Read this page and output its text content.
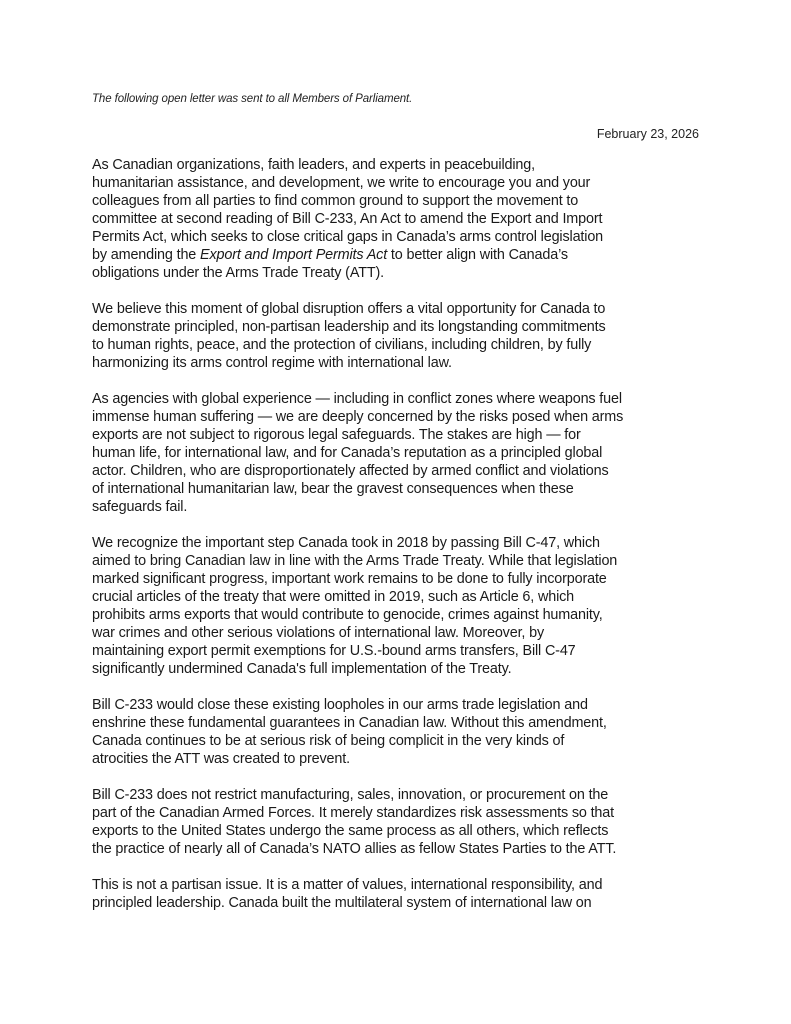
The following open letter was sent to all Members of Parliament.
February 23, 2026

As Canadian organizations, faith leaders, and experts in peacebuilding,
humanitarian assistance, and development, we write to encourage you and your
colleagues from all parties to find common ground to support the movement to
committee at second reading of Bill C-233, An Act to amend the Export and Import
Permits Act, which seeks to close critical gaps in Canada’s arms control legislation
by amending the Export and Import Permits Act to better align with Canada’s
obligations under the Arms Trade Treaty (ATT).

We believe this moment of global disruption offers a vital opportunity for Canada to
demonstrate principled, non-partisan leadership and its longstanding commitments
to human rights, peace, and the protection of civilians, including children, by fully
harmonizing its arms control regime with international law.

As agencies with global experience — including in conflict zones where weapons fuel
immense human suffering — we are deeply concerned by the risks posed when arms
exports are not subject to rigorous legal safeguards. The stakes are high — for
human life, for international law, and for Canada’s reputation as a principled global
actor. Children, who are disproportionately affected by armed conflict and violations
of international humanitarian law, bear the gravest consequences when these
safeguards fail.

We recognize the important step Canada took in 2018 by passing Bill C-47, which
aimed to bring Canadian law in line with the Arms Trade Treaty. While that legislation
marked significant progress, important work remains to be done to fully incorporate
crucial articles of the treaty that were omitted in 2019, such as Article 6, which
prohibits arms exports that would contribute to genocide, crimes against humanity,
war crimes and other serious violations of international law. Moreover, by
maintaining export permit exemptions for U.S.-bound arms transfers, Bill C-47
significantly undermined Canada's full implementation of the Treaty.

Bill C-233 would close these existing loopholes in our arms trade legislation and
enshrine these fundamental guarantees in Canadian law. Without this amendment,
Canada continues to be at serious risk of being complicit in the very kinds of
atrocities the ATT was created to prevent.

Bill C-233 does not restrict manufacturing, sales, innovation, or procurement on the
part of the Canadian Armed Forces. It merely standardizes risk assessments so that
exports to the United States undergo the same process as all others, which reflects
the practice of nearly all of Canada’s NATO allies as fellow States Parties to the ATT.

This is not a partisan issue. It is a matter of values, international responsibility, and
principled leadership. Canada built the multilateral system of international law on
